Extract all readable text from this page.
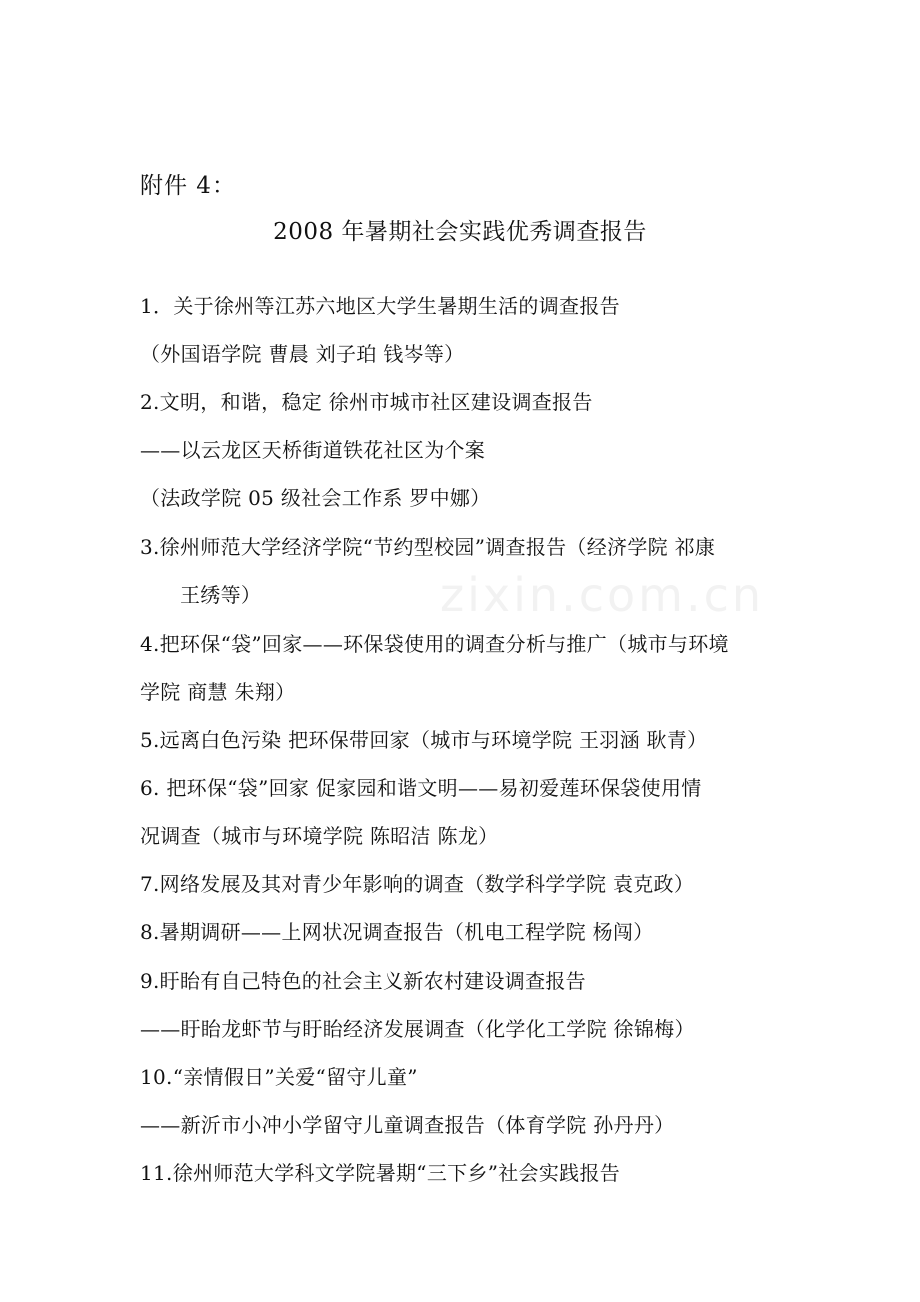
zixin.com.cn
附件 4：
2008 年暑期社会实践优秀调查报告
1．关于徐州等江苏六地区大学生暑期生活的调查报告
（外国语学院 曹晨 刘子珀 钱岑等）
2.文明，和谐，稳定 徐州市城市社区建设调查报告
——以云龙区天桥街道铁花社区为个案
（法政学院 05 级社会工作系 罗中娜）
3.徐州师范大学经济学院“节约型校园”调查报告（经济学院 祁康
王绣等）
4.把环保“袋”回家——环保袋使用的调查分析与推广（城市与环境
学院 商慧 朱翔）
5.远离白色污染 把环保带回家（城市与环境学院 王羽涵 耿青）
6. 把环保“袋”回家 促家园和谐文明——易初爱莲环保袋使用情
况调查（城市与环境学院 陈昭洁 陈龙）
7.网络发展及其对青少年影响的调查（数学科学学院 袁克政）
8.暑期调研——上网状况调查报告（机电工程学院 杨闯）
9.盱眙有自己特色的社会主义新农村建设调查报告
——盱眙龙虾节与盱眙经济发展调查（化学化工学院 徐锦梅）
10.“亲情假日”关爱“留守儿童”
——新沂市小冲小学留守儿童调查报告（体育学院 孙丹丹）
11.徐州师范大学科文学院暑期“三下乡”社会实践报告
